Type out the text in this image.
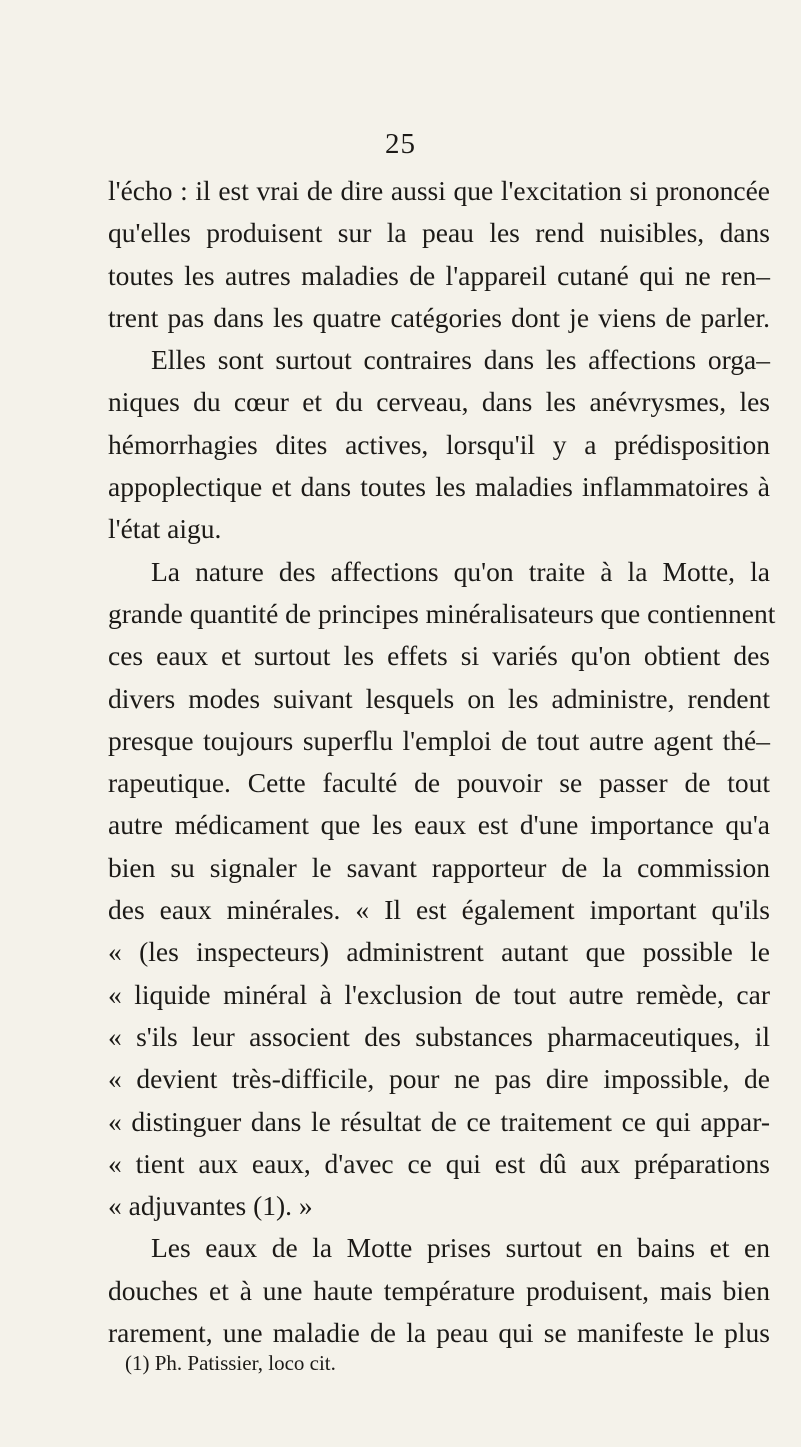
25
l'écho : il est vrai de dire aussi que l'excitation si prononcée
qu'elles produisent sur la peau les rend nuisibles, dans
toutes les autres maladies de l'appareil cutané qui ne ren–
trent pas dans les quatre catégories dont je viens de parler.
Elles sont surtout contraires dans les affections orga–
niques du cœur et du cerveau, dans les anévrysmes, les
hémorrhagies dites actives, lorsqu'il y a prédisposition
appoplectique et dans toutes les maladies inflammatoires à
l'état aigu.
La nature des affections qu'on traite à la Motte, la
grande quantité de principes minéralisateurs que contiennent
ces eaux et surtout les effets si variés qu'on obtient des
divers modes suivant lesquels on les administre, rendent
presque toujours superflu l'emploi de tout autre agent thé–
rapeutique. Cette faculté de pouvoir se passer de tout
autre médicament que les eaux est d'une importance qu'a
bien su signaler le savant rapporteur de la commission
des eaux minérales. « Il est également important qu'ils
« (les inspecteurs) administrent autant que possible le
« liquide minéral à l'exclusion de tout autre remède, car
« s'ils leur associent des substances pharmaceutiques, il
« devient très-difficile, pour ne pas dire impossible, de
« distinguer dans le résultat de ce traitement ce qui appar-
« tient aux eaux, d'avec ce qui est dû aux préparations
« adjuvantes (1). »
Les eaux de la Motte prises surtout en bains et en
douches et à une haute température produisent, mais bien
rarement, une maladie de la peau qui se manifeste le plus
(1) Ph. Patissier, loco cit.
